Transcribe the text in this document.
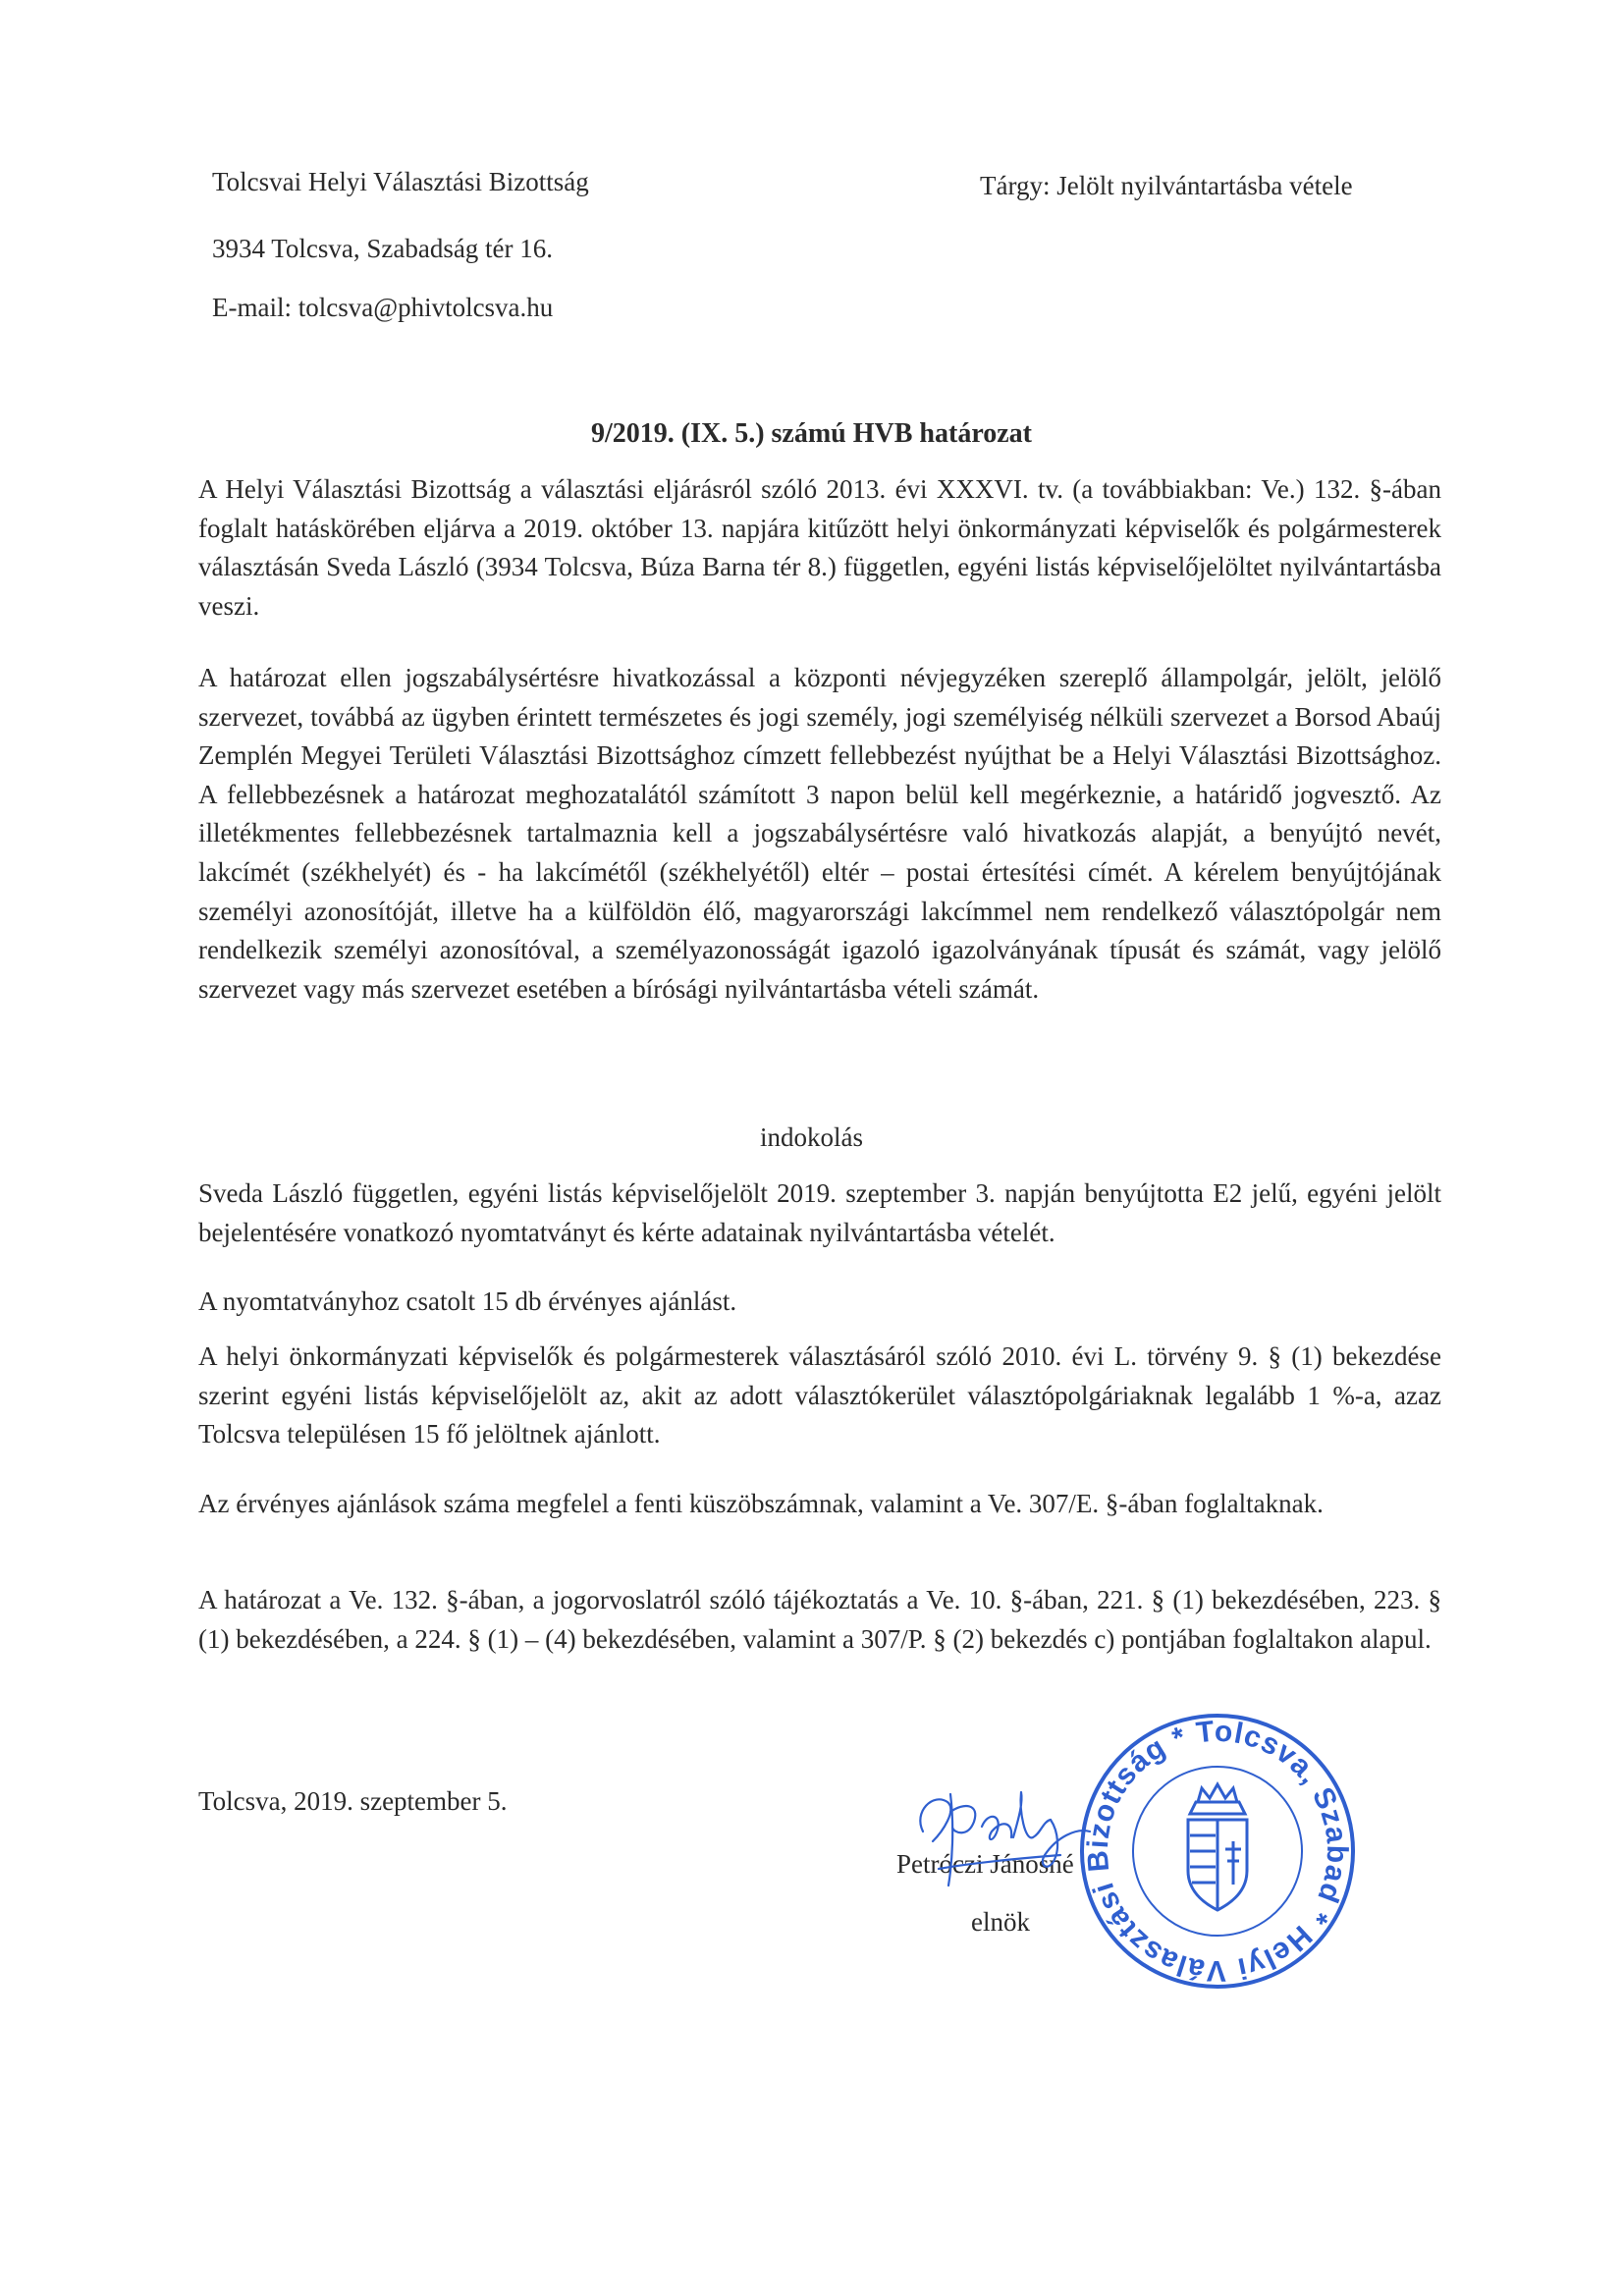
Tolcsvai Helyi Választási Bizottság
3934 Tolcsva, Szabadság tér 16.
E-mail: tolcsva@phivtolcsva.hu
Tárgy: Jelölt nyilvántartásba vétele
9/2019. (IX. 5.) számú HVB határozat

A Helyi Választási Bizottság a választási eljárásról szóló 2013. évi XXXVI. tv. (a továbbiakban: Ve.) 132. §-ában foglalt hatáskörében eljárva a 2019. október 13. napjára kitűzött helyi önkormányzati képviselők és polgármesterek választásán Sveda László (3934 Tolcsva, Búza Barna tér 8.) független, egyéni listás képviselőjelöltet nyilvántartásba veszi.

A határozat ellen jogszabálysértésre hivatkozással a központi névjegyzéken szereplő állampolgár, jelölt, jelölő szervezet, továbbá az ügyben érintett természetes és jogi személy, jogi személyiség nélküli szervezet a Borsod Abaúj Zemplén Megyei Területi Választási Bizottsághoz címzett fellebbezést nyújthat be a Helyi Választási Bizottsághoz. A fellebbezésnek a határozat meghozatalától számított 3 napon belül kell megérkeznie, a határidő jogvesztő. Az illetékmentes fellebbezésnek tartalmaznia kell a jogszabálysértésre való hivatkozás alapját, a benyújtó nevét, lakcímét (székhelyét) és - ha lakcímétől (székhelyétől) eltér – postai értesítési címét. A kérelem benyújtójának személyi azonosítóját, illetve ha a külföldön élő, magyarországi lakcímmel nem rendelkező választópolgár nem rendelkezik személyi azonosítóval, a személyazonosságát igazoló igazolványának típusát és számát, vagy jelölő szervezet vagy más szervezet esetében a bírósági nyilvántartásba vételi számát.

indokolás

Sveda László független, egyéni listás képviselőjelölt 2019. szeptember 3. napján benyújtotta E2 jelű, egyéni jelölt bejelentésére vonatkozó nyomtatványt és kérte adatainak nyilvántartásba vételét.

A nyomtatványhoz csatolt 15 db érvényes ajánlást.

A helyi önkormányzati képviselők és polgármesterek választásáról szóló 2010. évi L. törvény 9. § (1) bekezdése szerint egyéni listás képviselőjelölt az, akit az adott választókerület választópolgáriaknak legalább 1 %-a, azaz Tolcsva településen 15 fő jelöltnek ajánlott.

Az érvényes ajánlások száma megfelel a fenti küszöbszámnak, valamint a Ve. 307/E. §-ában foglaltaknak.

A határozat a Ve. 132. §-ában, a jogorvoslatról szóló tájékoztatás a Ve. 10. §-ában, 221. § (1) bekezdésében, 223. § (1) bekezdésében, a 224. § (1) – (4) bekezdésében, valamint a 307/P. § (2) bekezdés c) pontjában foglaltakon alapul.

Tolcsva, 2019. szeptember 5.
Petróczi Jánosné
elnök	* Helyi Választási Bizottság * Tolcsva, Szabadság
